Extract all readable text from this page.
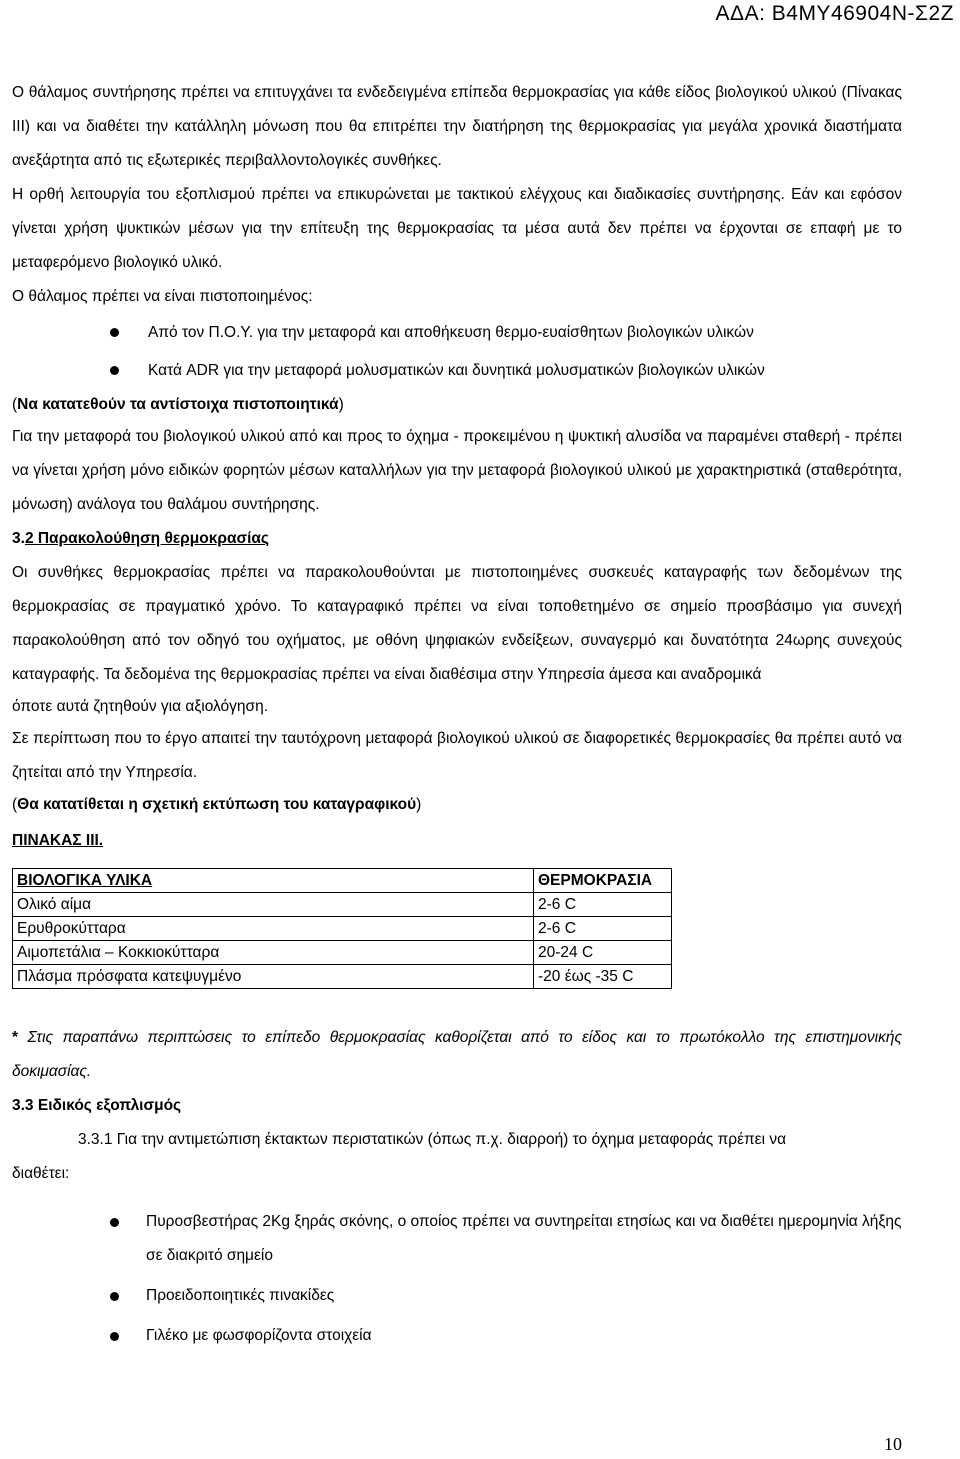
ΑΔΑ: Β4ΜΥ46904Ν-Σ2Ζ

Ο θάλαμος συντήρησης πρέπει να επιτυγχάνει τα ενδεδειγμένα επίπεδα θερμοκρασίας για κάθε είδος βιολογικού υλικού (Πίνακας ΙΙΙ) και να διαθέτει την κατάλληλη μόνωση που θα επιτρέπει την διατήρηση της θερμοκρασίας για μεγάλα χρονικά διαστήματα ανεξάρτητα από τις εξωτερικές περιβαλλοντολογικές συνθήκες.

Η ορθή λειτουργία του εξοπλισμού πρέπει να επικυρώνεται με τακτικού ελέγχους και διαδικασίες συντήρησης. Εάν και εφόσον γίνεται χρήση ψυκτικών μέσων για την επίτευξη της θερμοκρασίας τα μέσα αυτά δεν πρέπει να έρχονται σε επαφή με το μεταφερόμενο βιολογικό υλικό.

Ο θάλαμος πρέπει να είναι πιστοποιημένος:

Από τον Π.Ο.Υ. για την μεταφορά και αποθήκευση θερμο-ευαίσθητων βιολογικών υλικών
Κατά ADR για την μεταφορά μολυσματικών και δυνητικά μολυσματικών βιολογικών υλικών

(Να κατατεθούν τα αντίστοιχα πιστοποιητικά)

Για την μεταφορά του βιολογικού υλικού από και προς το όχημα - προκειμένου η ψυκτική αλυσίδα να παραμένει σταθερή - πρέπει να γίνεται χρήση μόνο ειδικών φορητών μέσων καταλλήλων για την μεταφορά βιολογικού υλικού με χαρακτηριστικά (σταθερότητα, μόνωση) ανάλογα του θαλάμου συντήρησης.

3.2 Παρακολούθηση θερμοκρασίας

Οι συνθήκες θερμοκρασίας πρέπει να παρακολουθούνται με πιστοποιημένες συσκευές καταγραφής των δεδομένων της θερμοκρασίας σε πραγματικό χρόνο. Το καταγραφικό πρέπει να είναι τοποθετημένο σε σημείο προσβάσιμο για συνεχή παρακολούθηση από τον οδηγό του οχήματος, με οθόνη ψηφιακών ενδείξεων, συναγερμό και δυνατότητα 24ωρης συνεχούς καταγραφής. Τα δεδομένα της θερμοκρασίας πρέπει να είναι διαθέσιμα στην Υπηρεσία άμεσα και αναδρομικά

όποτε αυτά ζητηθούν για αξιολόγηση.

Σε περίπτωση που το έργο απαιτεί την ταυτόχρονη μεταφορά βιολογικού υλικού σε διαφορετικές θερμοκρασίες θα πρέπει αυτό να ζητείται από την Υπηρεσία.

(Θα κατατίθεται η σχετική εκτύπωση του καταγραφικού)

ΠΙΝΑΚΑΣ ΙΙΙ.

ΒΙΟΛΟΓΙΚΑ ΥΛΙΚΑ	ΘΕΡΜΟΚΡΑΣΙΑ
Ολικό αίμα	2-6 C
Ερυθροκύτταρα	2-6 C
Αιμοπετάλια – Κοκκιοκύτταρα	20-24 C
Πλάσμα πρόσφατα κατεψυγμένο	-20 έως -35 C

* Στις παραπάνω περιπτώσεις το επίπεδο θερμοκρασίας καθορίζεται από το είδος και το πρωτόκολλο της επιστημονικής δοκιμασίας.

3.3 Ειδικός εξοπλισμός

3.3.1 Για την αντιμετώπιση έκτακτων περιστατικών (όπως π.χ. διαρροή) το όχημα μεταφοράς πρέπει να

διαθέτει:

Πυροσβεστήρας 2Kg ξηράς σκόνης, ο οποίος πρέπει να συντηρείται ετησίως και να διαθέτει ημερομηνία λήξης σε διακριτό σημείο
Προειδοποιητικές πινακίδες
Γιλέκο με φωσφορίζοντα στοιχεία
10
